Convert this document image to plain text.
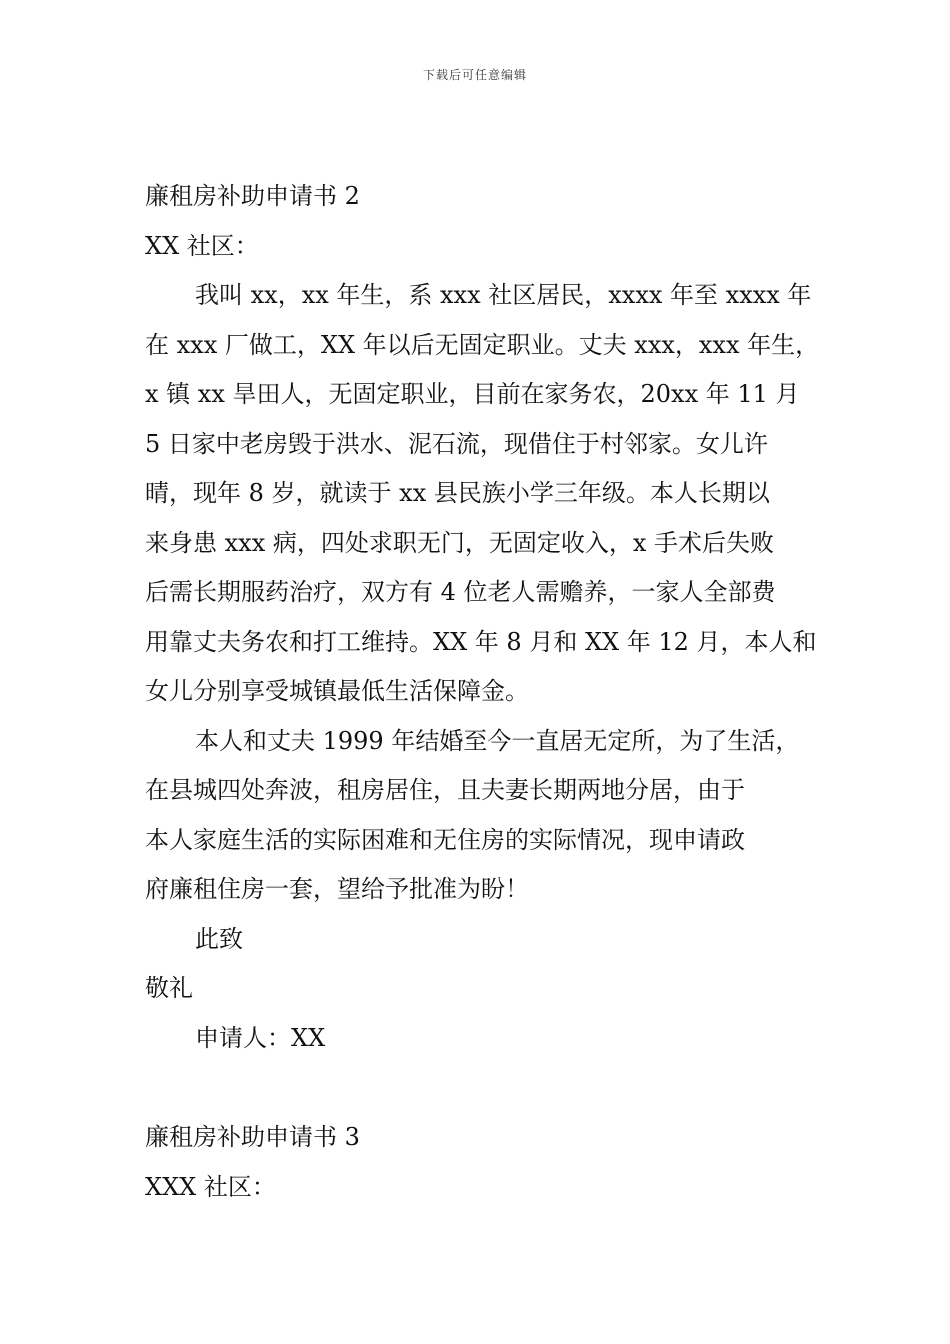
下载后可任意编辑
廉租房补助申请书 2
XX 社区：
我叫 xx，xx 年生，系 xxx 社区居民，xxxx 年至 xxxx 年
在 xxx 厂做工，XX 年以后无固定职业。丈夫 xxx，xxx 年生，
x 镇 xx 旱田人，无固定职业，目前在家务农，20xx 年 11 月
5 日家中老房毁于洪水、泥石流，现借住于村邻家。女儿许
晴，现年 8 岁，就读于 xx 县民族小学三年级。本人长期以
来身患 xxx 病，四处求职无门，无固定收入，x 手术后失败
后需长期服药治疗，双方有 4 位老人需赡养，一家人全部费
用靠丈夫务农和打工维持。XX 年 8 月和 XX 年 12 月，本人和
女儿分别享受城镇最低生活保障金。
本人和丈夫 1999 年结婚至今一直居无定所，为了生活，
在县城四处奔波，租房居住，且夫妻长期两地分居，由于
本人家庭生活的实际困难和无住房的实际情况，现申请政
府廉租住房一套，望给予批准为盼！
此致
敬礼
申请人：XX
廉租房补助申请书 3
XXX 社区：
